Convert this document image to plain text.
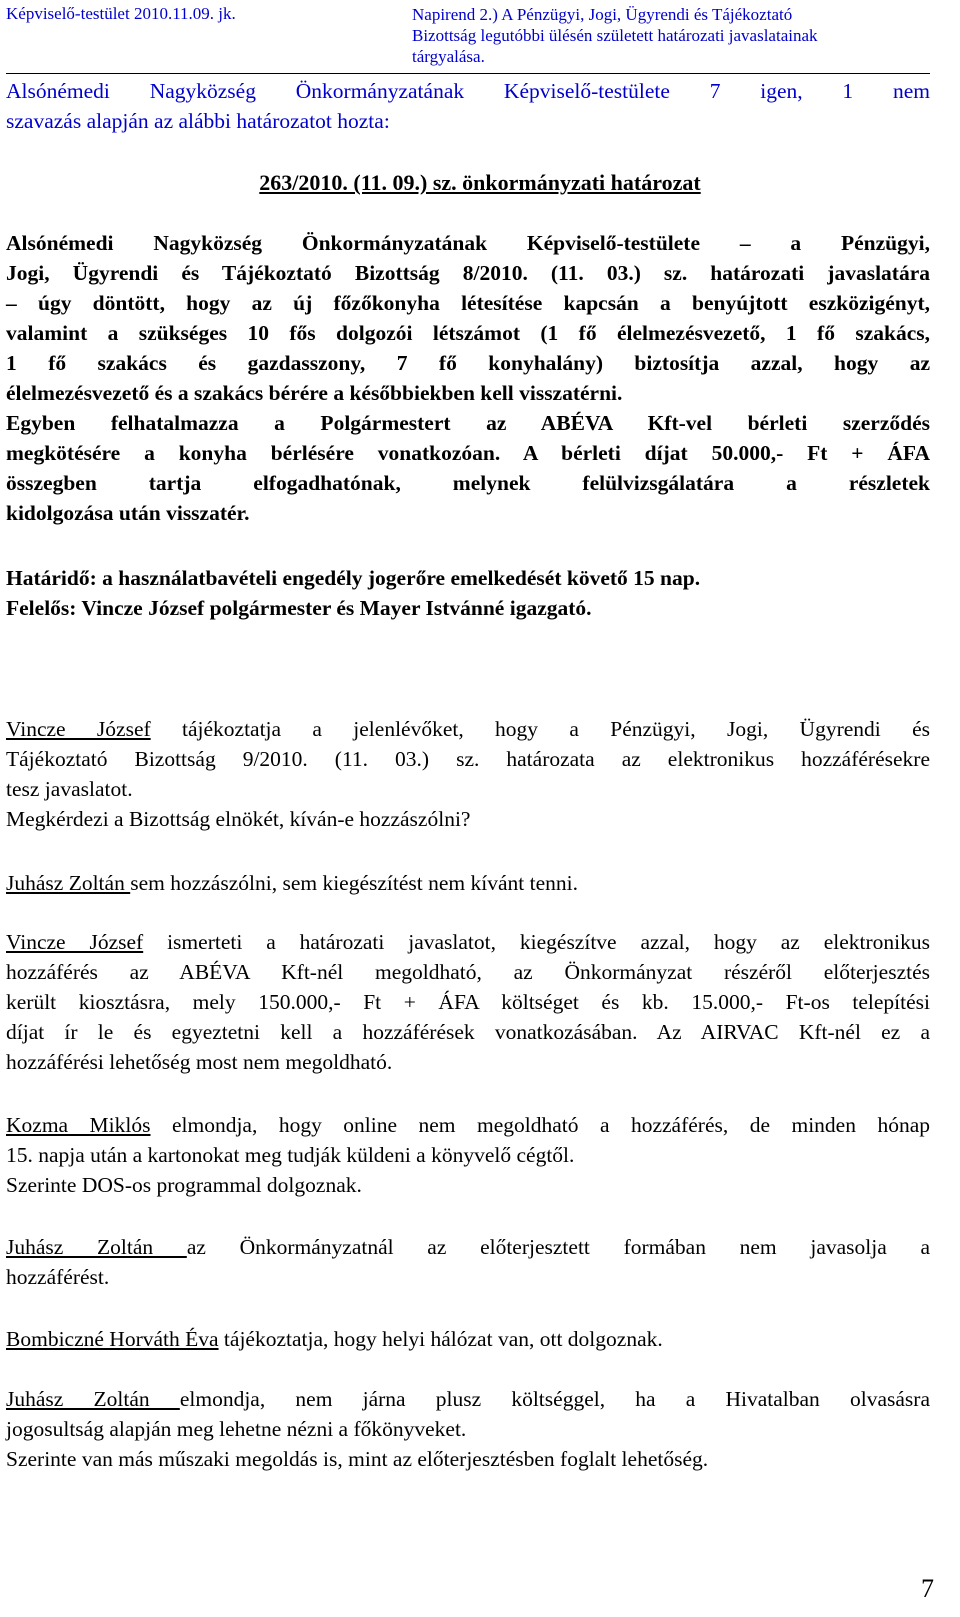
Képviselő-testület 2010.11.09. jk.	Napirend 2.) A Pénzügyi, Jogi, Ügyrendi és Tájékoztató
Bizottság legutóbbi ülésén született határozati javaslatainak
tárgyalása.
Alsónémedi Nagyközség Önkormányzatának Képviselő-testülete 7 igen, 1 nem
szavazás alapján az alábbi határozatot hozta:
263/2010. (11. 09.) sz. önkormányzati határozat
Alsónémedi Nagyközség Önkormányzatának Képviselő-testülete – a Pénzügyi,
Jogi, Ügyrendi és Tájékoztató Bizottság 8/2010. (11. 03.) sz. határozati javaslatára
– úgy döntött, hogy az új főzőkonyha létesítése kapcsán a benyújtott eszközigényt,
valamint a szükséges 10 fős dolgozói létszámot (1 fő élelmezésvezető, 1 fő szakács,
1 fő szakács és gazdasszony, 7 fő konyhalány) biztosítja azzal, hogy az
élelmezésvezető és a szakács bérére a későbbiekben kell visszatérni.
Egyben felhatalmazza a Polgármestert az ABÉVA Kft-vel bérleti szerződés
megkötésére a konyha bérlésére vonatkozóan. A bérleti díjat 50.000,- Ft + ÁFA
összegben tartja elfogadhatónak, melynek felülvizsgálatára a részletek
kidolgozása után visszatér.
Határidő: a használatbavételi engedély jogerőre emelkedését követő 15 nap.
Felelős: Vincze József polgármester és Mayer Istvánné igazgató.
Vincze József tájékoztatja a jelenlévőket, hogy a Pénzügyi, Jogi, Ügyrendi és
Tájékoztató Bizottság 9/2010. (11. 03.) sz. határozata az elektronikus hozzáférésekre
tesz javaslatot.
Megkérdezi a Bizottság elnökét, kíván-e hozzászólni?
Juhász Zoltán sem hozzászólni, sem kiegészítést nem kívánt tenni.
Vincze József ismerteti a határozati javaslatot, kiegészítve azzal, hogy az elektronikus
hozzáférés az ABÉVA Kft-nél megoldható, az Önkormányzat részéről előterjesztés
került kiosztásra, mely 150.000,- Ft + ÁFA költséget és kb. 15.000,- Ft-os telepítési
díjat ír le és egyeztetni kell a hozzáférések vonatkozásában. Az AIRVAC Kft-nél ez a
hozzáférési lehetőség most nem megoldható.
Kozma Miklós elmondja, hogy online nem megoldható a hozzáférés, de minden hónap
15. napja után a kartonokat meg tudják küldeni a könyvelő cégtől.
Szerinte DOS-os programmal dolgoznak.
Juhász Zoltán az Önkormányzatnál az előterjesztett formában nem javasolja a
hozzáférést.
Bombiczné Horváth Éva tájékoztatja, hogy helyi hálózat van, ott dolgoznak.
Juhász Zoltán elmondja, nem járna plusz költséggel, ha a Hivatalban olvasásra
jogosultság alapján meg lehetne nézni a főkönyveket.
Szerinte van más műszaki megoldás is, mint az előterjesztésben foglalt lehetőség.
7
